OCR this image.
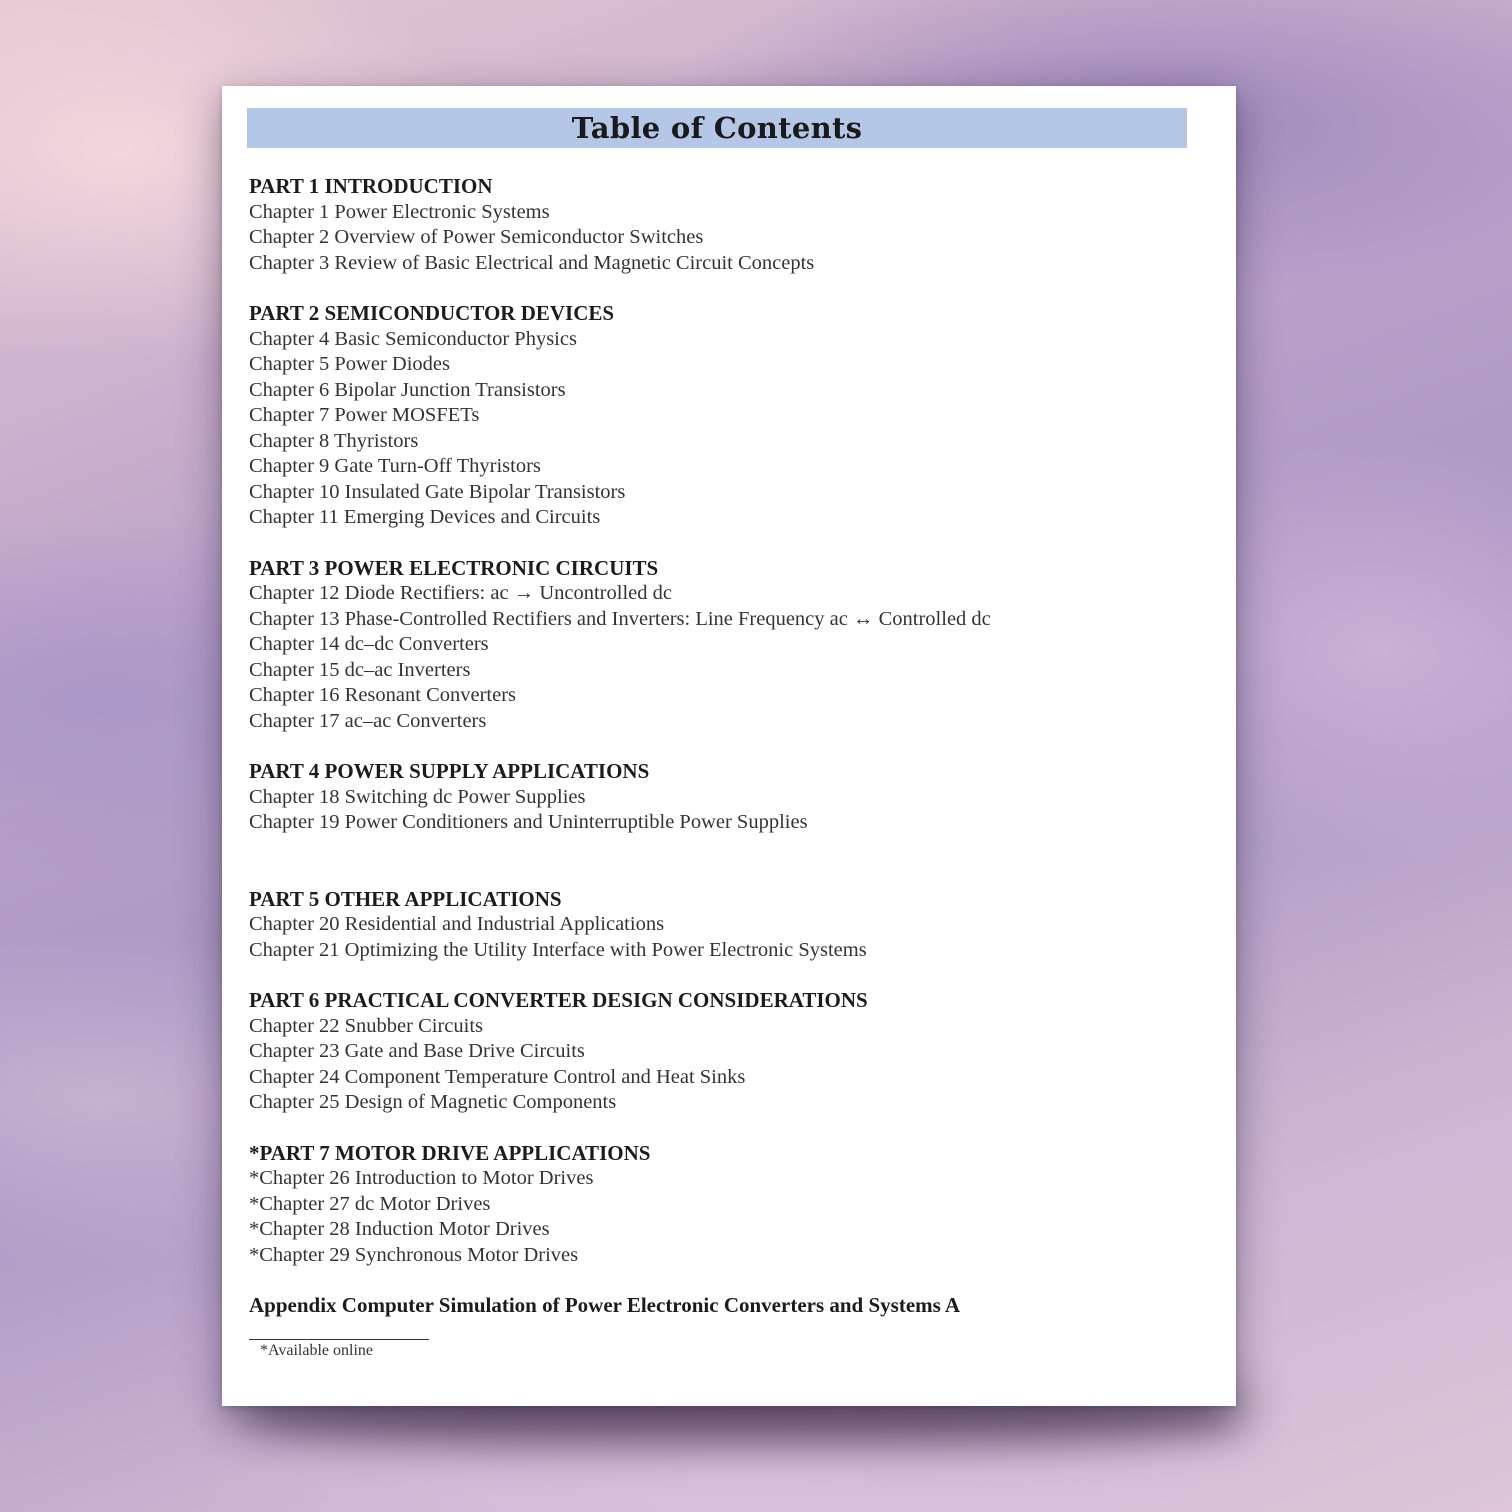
Table of Contents
PART 1 INTRODUCTION
Chapter 1 Power Electronic Systems
Chapter 2 Overview of Power Semiconductor Switches
Chapter 3 Review of Basic Electrical and Magnetic Circuit Concepts
PART 2 SEMICONDUCTOR DEVICES
Chapter 4 Basic Semiconductor Physics
Chapter 5 Power Diodes
Chapter 6 Bipolar Junction Transistors
Chapter 7 Power MOSFETs
Chapter 8 Thyristors
Chapter 9 Gate Turn-Off Thyristors
Chapter 10 Insulated Gate Bipolar Transistors
Chapter 11 Emerging Devices and Circuits
PART 3 POWER ELECTRONIC CIRCUITS
Chapter 12 Diode Rectifiers: ac → Uncontrolled dc
Chapter 13 Phase-Controlled Rectifiers and Inverters: Line Frequency ac ↔ Controlled dc
Chapter 14 dc–dc Converters
Chapter 15 dc–ac Inverters
Chapter 16 Resonant Converters
Chapter 17 ac–ac Converters
PART 4 POWER SUPPLY APPLICATIONS
Chapter 18 Switching dc Power Supplies
Chapter 19 Power Conditioners and Uninterruptible Power Supplies
PART 5 OTHER APPLICATIONS
Chapter 20 Residential and Industrial Applications
Chapter 21 Optimizing the Utility Interface with Power Electronic Systems
PART 6 PRACTICAL CONVERTER DESIGN CONSIDERATIONS
Chapter 22 Snubber Circuits
Chapter 23 Gate and Base Drive Circuits
Chapter 24 Component Temperature Control and Heat Sinks
Chapter 25 Design of Magnetic Components
*PART 7 MOTOR DRIVE APPLICATIONS
*Chapter 26 Introduction to Motor Drives
*Chapter 27 dc Motor Drives
*Chapter 28 Induction Motor Drives
*Chapter 29 Synchronous Motor Drives
Appendix Computer Simulation of Power Electronic Converters and Systems A
*Available online
